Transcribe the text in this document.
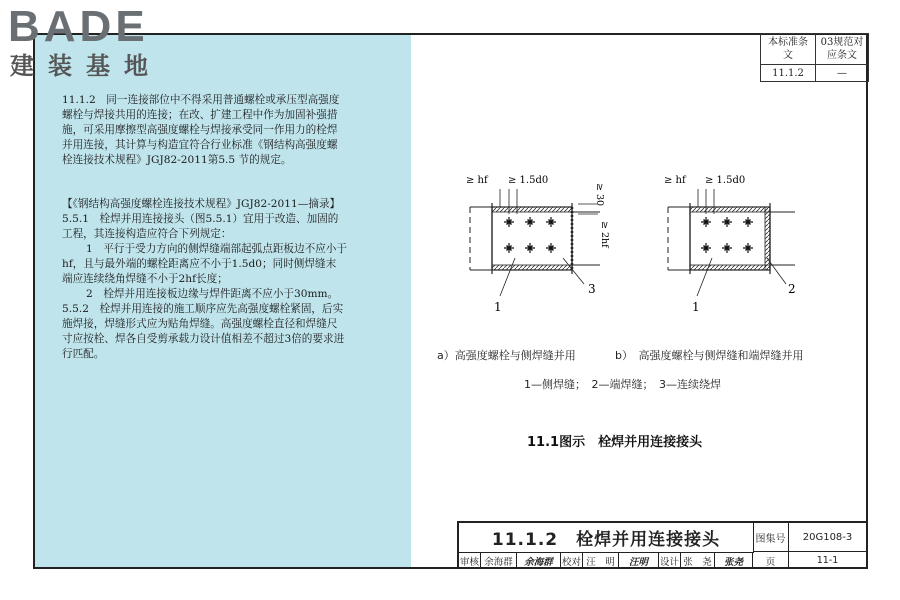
BADE
建装基地
本标准条文	03规范对应条文

11.1.2	—

11.1.2　同一连接部位中不得采用普通螺栓或承压型高强度

螺栓与焊接共用的连接；在改、扩建工程中作为加固补强措

施，可采用摩擦型高强度螺栓与焊接承受同一作用力的栓焊

并用连接，其计算与构造宜符合行业标准《钢结构高强度螺

栓连接技术规程》JGJ82-2011第5.5 节的规定。

【《钢结构高强度螺栓连接技术规程》JGJ82-2011—摘录】

5.5.1　栓焊并用连接接头（图5.5.1）宜用于改造、加固的

工程，其连接构造应符合下列规定：

1　平行于受力方向的侧焊缝端部起弧点距板边不应小于

hf，且与最外端的螺栓距离应不小于1.5d0；同时侧焊缝末

端应连续绕角焊缝不小于2hf长度；

2　栓焊并用连接板边缘与焊件距离不应小于30mm。

5.5.2　栓焊并用连接的施工顺序应先高强度螺栓紧固，后实

施焊接，焊缝形式应为贴角焊缝。高强度螺栓直径和焊缝尺

寸应按栓、焊各自受剪承载力设计值相差不超过3倍的要求进

行匹配。

≥ hf ≥ 1.5d0
≥ 30
≥ 2hf
1
3
≥ hf ≥ 1.5d0
1
2
a）高强度螺栓与侧焊缝并用	b）　高强度螺栓与侧焊缝和端焊缝并用
1—侧焊缝；　2—端焊缝；　3—连续绕焊
11.1图示　栓焊并用连接接头
11.1.2　栓焊并用连接接头	图集号	20G108-3
审核 余海群	余海群 校对 汪　明	汪明	设计 张　尧	张尧	页	11-1
